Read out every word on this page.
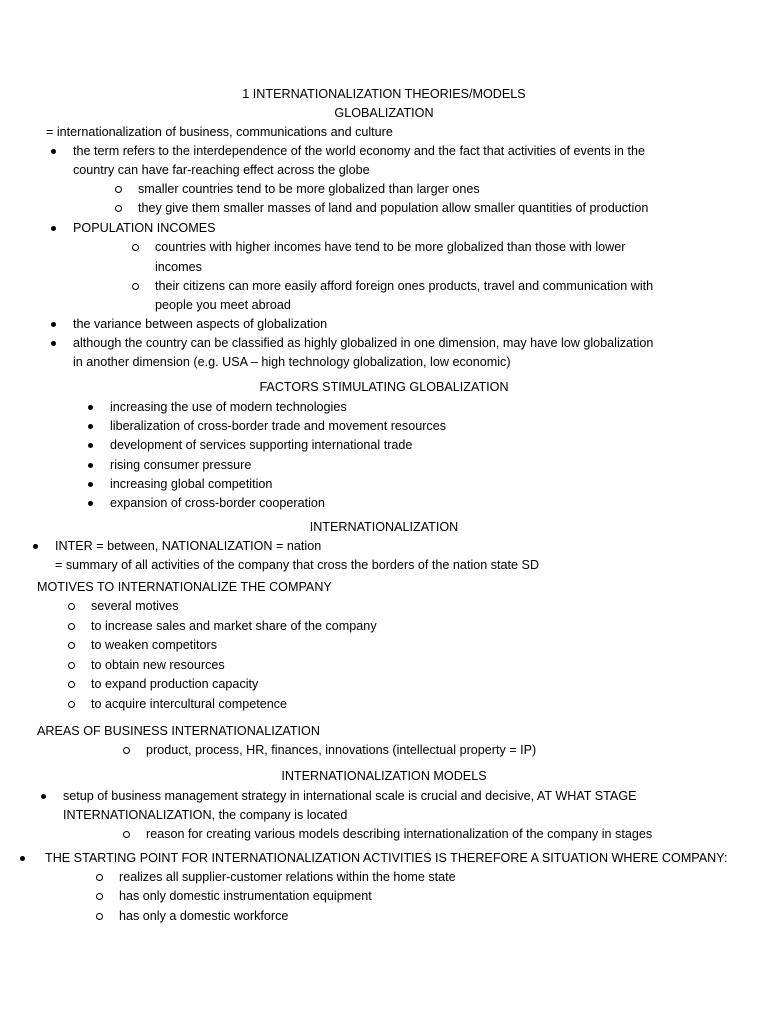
1 INTERNATIONALIZATION THEORIES/MODELS
GLOBALIZATION
= internationalization of business, communications and culture
the term refers to the interdependence of the world economy and the fact that activities of events in the
country can have far-reaching effect across the globe
smaller countries tend to be more globalized than larger ones
they give them smaller masses of land and population allow smaller quantities of production
POPULATION INCOMES
countries with higher incomes have tend to be more globalized than those with lower
incomes
their citizens can more easily afford foreign ones products, travel and communication with
people you meet abroad
the variance between aspects of globalization
although the country can be classified as highly globalized in one dimension, may have low globalization
in another dimension (e.g. USA – high technology globalization, low economic)
FACTORS STIMULATING GLOBALIZATION
increasing the use of modern technologies
liberalization of cross-border trade and movement resources
development of services supporting international trade
rising consumer pressure
increasing global competition
expansion of cross-border cooperation
INTERNATIONALIZATION
INTER = between, NATIONALIZATION = nation
= summary of all activities of the company that cross the borders of the nation state SD
MOTIVES TO INTERNATIONALIZE THE COMPANY
several motives
to increase sales and market share of the company
to weaken competitors
to obtain new resources
to expand production capacity
to acquire intercultural competence
AREAS OF BUSINESS INTERNATIONALIZATION
product, process, HR, finances, innovations (intellectual property = IP)
INTERNATIONALIZATION MODELS
setup of business management strategy in international scale is crucial and decisive, AT WHAT STAGE
INTERNATIONALIZATION, the company is located
reason for creating various models describing internationalization of the company in stages
THE STARTING POINT FOR INTERNATIONALIZATION ACTIVITIES IS THEREFORE A SITUATION WHERE COMPANY:
realizes all supplier-customer relations within the home state
has only domestic instrumentation equipment
has only a domestic workforce
